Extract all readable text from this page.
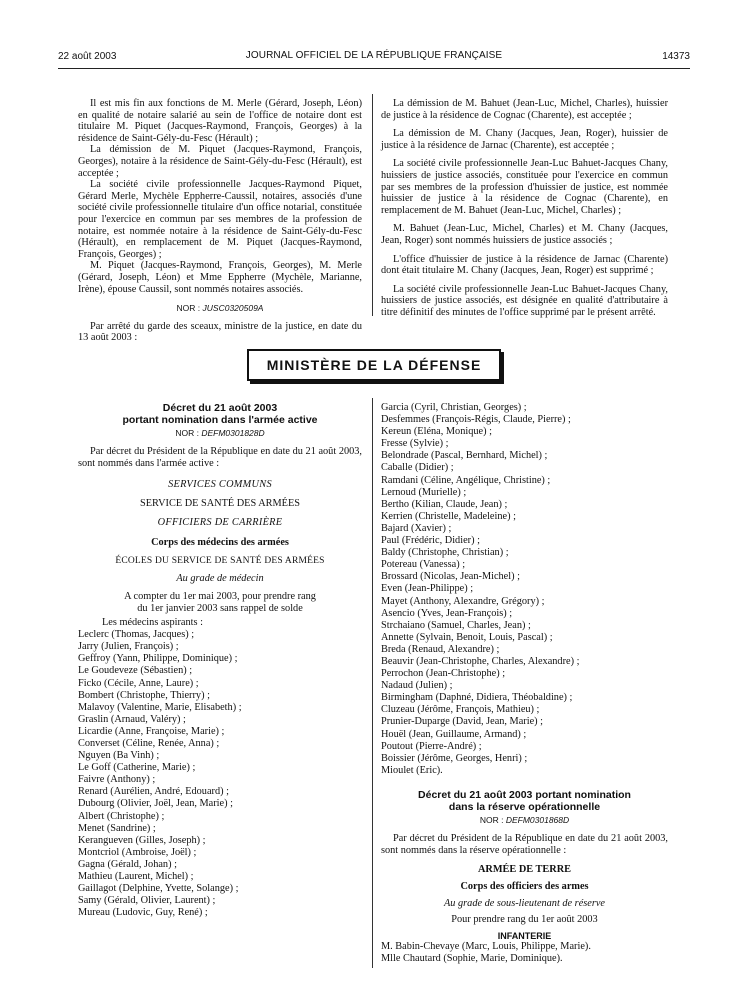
22 août 2003	JOURNAL OFFICIEL DE LA RÉPUBLIQUE FRANÇAISE	14373

Il est mis fin aux fonctions de M. Merle (Gérard, Joseph, Léon) en qualité de notaire salarié au sein de l'office de notaire dont est titulaire M. Piquet (Jacques-Raymond, François, Georges) à la résidence de Saint-Gély-du-Fesc (Hérault) ;

La démission de M. Piquet (Jacques-Raymond, François, Georges), notaire à la résidence de Saint-Gély-du-Fesc (Hérault), est acceptée ;

La société civile professionnelle Jacques-Raymond Piquet, Gérard Merle, Mychèle Eppherre-Caussil, notaires, associés d'une société civile professionnelle titulaire d'un office notarial, constituée pour l'exercice en commun par ses membres de la profession de notaire, est nommée notaire à la résidence de Saint-Gély-du-Fesc (Hérault), en remplacement de M. Piquet (Jacques-Raymond, François, Georges) ;

M. Piquet (Jacques-Raymond, François, Georges), M. Merle (Gérard, Joseph, Léon) et Mme Eppherre (Mychèle, Marianne, Irène), épouse Caussil, sont nommés notaires associés.

NOR : JUSC0320509A

Par arrêté du garde des sceaux, ministre de la justice, en date du 13 août 2003 :

La démission de M. Bahuet (Jean-Luc, Michel, Charles), huissier de justice à la résidence de Cognac (Charente), est acceptée ;

La démission de M. Chany (Jacques, Jean, Roger), huissier de justice à la résidence de Jarnac (Charente), est acceptée ;

La société civile professionnelle Jean-Luc Bahuet-Jacques Chany, huissiers de justice associés, constituée pour l'exercice en commun par ses membres de la profession d'huissier de justice, est nommée huissier de justice à la résidence de Cognac (Charente), en remplacement de M. Bahuet (Jean-Luc, Michel, Charles) ;

M. Bahuet (Jean-Luc, Michel, Charles) et M. Chany (Jacques, Jean, Roger) sont nommés huissiers de justice associés ;

L'office d'huissier de justice à la résidence de Jarnac (Charente) dont était titulaire M. Chany (Jacques, Jean, Roger) est supprimé ;

La société civile professionnelle Jean-Luc Bahuet-Jacques Chany, huissiers de justice associés, est désignée en qualité d'attributaire à titre définitif des minutes de l'office supprimé par le présent arrêté.

MINISTÈRE DE LA DÉFENSE

Décret du 21 août 2003

portant nomination dans l'armée active

NOR : DEFM0301828D

Par décret du Président de la République en date du 21 août 2003, sont nommés dans l'armée active :

SERVICES COMMUNS

SERVICE DE SANTÉ DES ARMÉES

OFFICIERS DE CARRIÈRE

Corps des médecins des armées

ÉCOLES DU SERVICE DE SANTÉ DES ARMÉES

Au grade de médecin

A compter du 1er mai 2003, pour prendre rang

du 1er janvier 2003 sans rappel de solde

Les médecins aspirants :

Leclerc (Thomas, Jacques) ;

Jarry (Julien, François) ;

Geffroy (Yann, Philippe, Dominique) ;

Le Goudeveze (Sébastien) ;

Ficko (Cécile, Anne, Laure) ;

Bombert (Christophe, Thierry) ;

Malavoy (Valentine, Marie, Elisabeth) ;

Graslin (Arnaud, Valéry) ;

Licardie (Anne, Françoise, Marie) ;

Converset (Céline, Renée, Anna) ;

Nguyen (Ba Vinh) ;

Le Goff (Catherine, Marie) ;

Faivre (Anthony) ;

Renard (Aurélien, André, Edouard) ;

Dubourg (Olivier, Joël, Jean, Marie) ;

Albert (Christophe) ;

Menet (Sandrine) ;

Kerangueven (Gilles, Joseph) ;

Montcriol (Ambroise, Joël) ;

Gagna (Gérald, Johan) ;

Mathieu (Laurent, Michel) ;

Gaillagot (Delphine, Yvette, Solange) ;

Samy (Gérald, Olivier, Laurent) ;

Mureau (Ludovic, Guy, René) ;

Garcia (Cyril, Christian, Georges) ;

Desfemmes (François-Régis, Claude, Pierre) ;

Kereun (Eléna, Monique) ;

Fresse (Sylvie) ;

Belondrade (Pascal, Bernhard, Michel) ;

Caballe (Didier) ;

Ramdani (Céline, Angélique, Christine) ;

Lernoud (Murielle) ;

Bertho (Kilian, Claude, Jean) ;

Kerrien (Christelle, Madeleine) ;

Bajard (Xavier) ;

Paul (Frédéric, Didier) ;

Baldy (Christophe, Christian) ;

Potereau (Vanessa) ;

Brossard (Nicolas, Jean-Michel) ;

Even (Jean-Philippe) ;

Mayet (Anthony, Alexandre, Grégory) ;

Asencio (Yves, Jean-François) ;

Strchaiano (Samuel, Charles, Jean) ;

Annette (Sylvain, Benoit, Louis, Pascal) ;

Breda (Renaud, Alexandre) ;

Beauvir (Jean-Christophe, Charles, Alexandre) ;

Perrochon (Jean-Christophe) ;

Nadaud (Julien) ;

Birmingham (Daphné, Didiera, Théobaldine) ;

Cluzeau (Jérôme, François, Mathieu) ;

Prunier-Duparge (David, Jean, Marie) ;

Houël (Jean, Guillaume, Armand) ;

Poutout (Pierre-André) ;

Boissier (Jérôme, Georges, Henri) ;

Mioulet (Eric).

Décret du 21 août 2003 portant nomination

dans la réserve opérationnelle

NOR : DEFM0301868D

Par décret du Président de la République en date du 21 août 2003, sont nommés dans la réserve opérationnelle :

ARMÉE DE TERRE

Corps des officiers des armes

Au grade de sous-lieutenant de réserve

Pour prendre rang du 1er août 2003

INFANTERIE

M. Babin-Chevaye (Marc, Louis, Philippe, Marie).

Mlle Chautard (Sophie, Marie, Dominique).
